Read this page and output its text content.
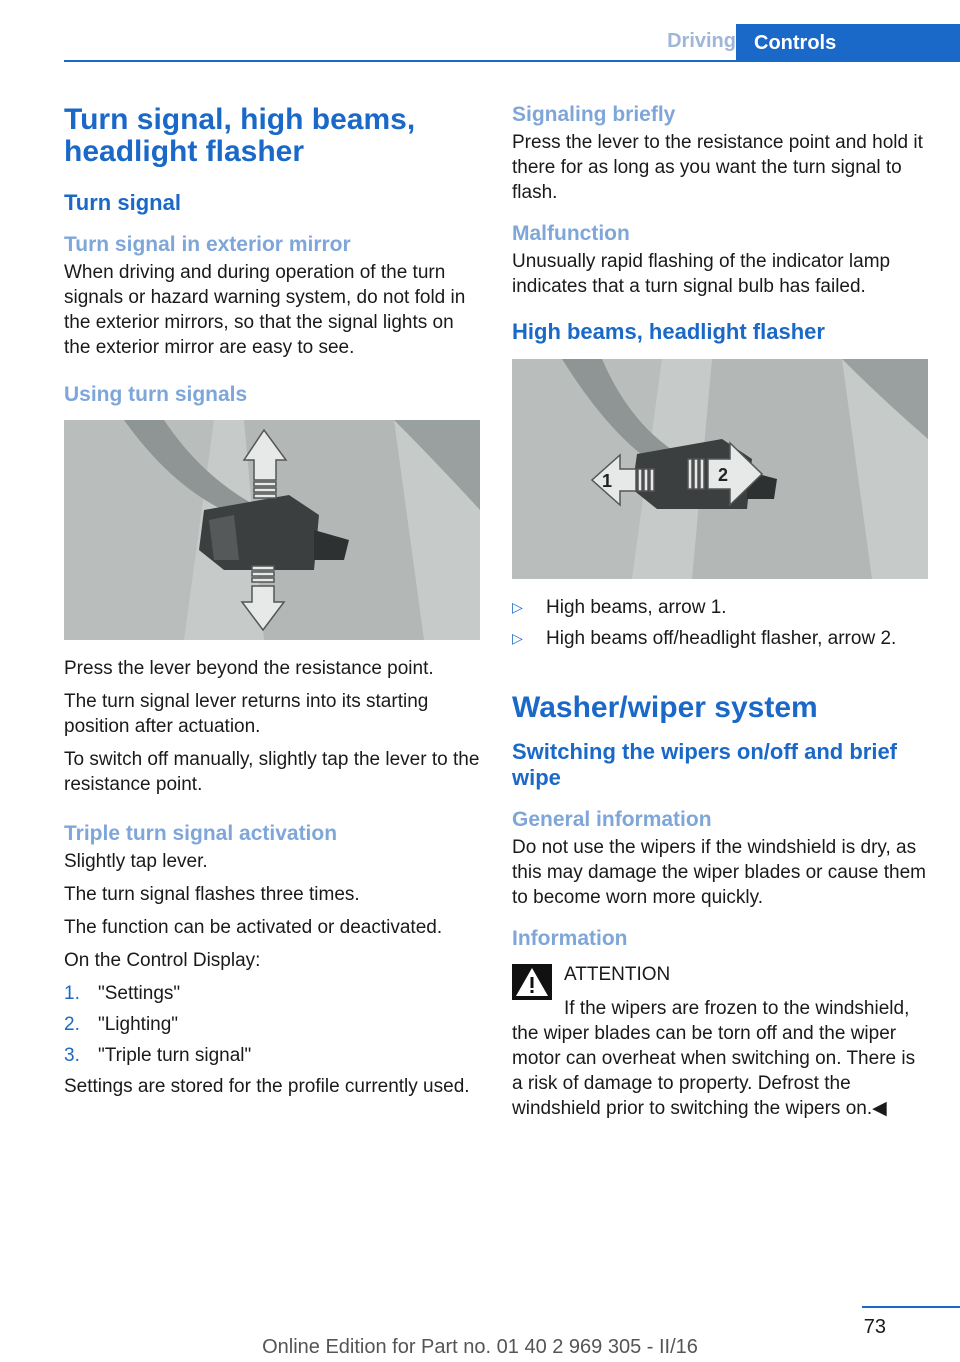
Driving Controls
Turn signal, high beams, headlight flasher
Turn signal
Turn signal in exterior mirror

When driving and during operation of the turn signals or hazard warning system, do not fold in the exterior mirrors, so that the signal lights on the exterior mirror are easy to see.

Using turn signals

Press the lever beyond the resistance point.

The turn signal lever returns into its starting position after actuation.

To switch off manually, slightly tap the lever to the resistance point.

Triple turn signal activation

Slightly tap lever.

The turn signal flashes three times.

The function can be activated or deactivated.

On the Control Display:

1. "Settings"
2. "Lighting"
3. "Triple turn signal"

Settings are stored for the profile currently used.

Signaling briefly

Press the lever to the resistance point and hold it there for as long as you want the turn signal to flash.

Malfunction

Unusually rapid flashing of the indicator lamp indicates that a turn signal bulb has failed.

High beams, headlight flasher
1	2
▷	High beams, arrow 1.
▷	High beams off/headlight flasher, arrow 2.
Washer/wiper system
Switching the wipers on/off and brief wipe
General information

Do not use the wipers if the windshield is dry, as this may damage the wiper blades or cause them to become worn more quickly.

Information

ATTENTION

If the wipers are frozen to the windshield, the wiper blades can be torn off and the wiper motor can overheat when switching on. There is a risk of damage to property. Defrost the windshield prior to switching the wipers on.◀

73
Online Edition for Part no. 01 40 2 969 305 - II/16
